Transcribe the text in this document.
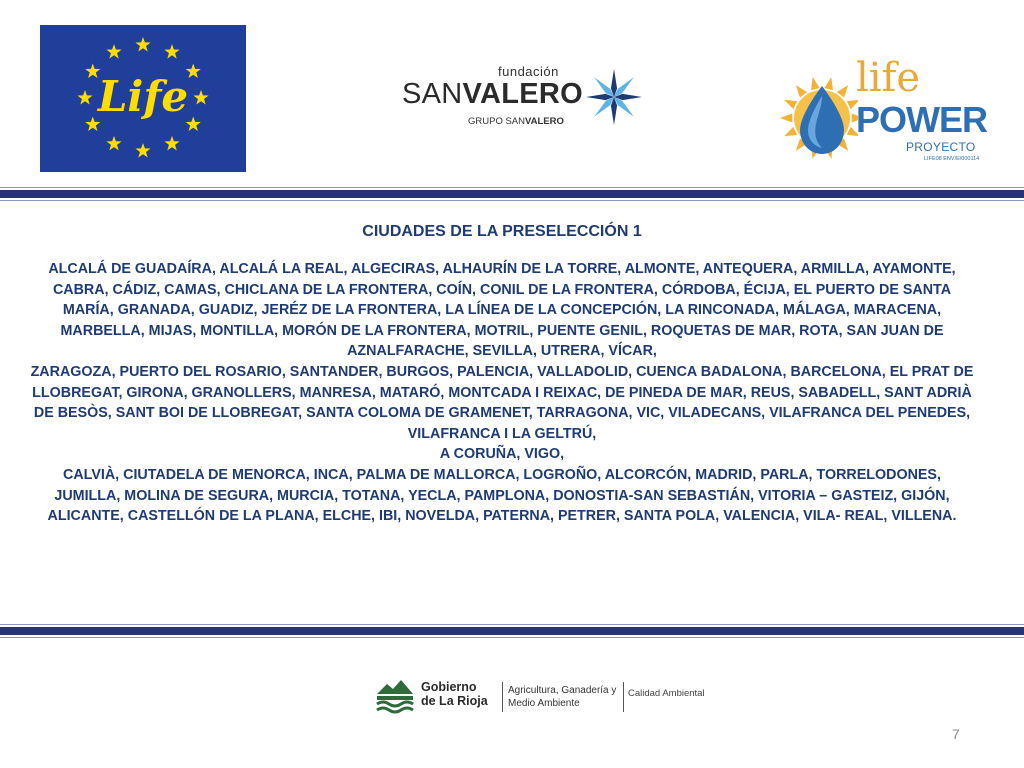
Life
fundación
SANVALERO
GRUPO SANVALERO
life
POWER
PROYECTO
LIFE08 ENV/E/000114
CIUDADES DE LA PRESELECCIÓN 1

ALCALÁ DE GUADAÍRA, ALCALÁ LA REAL, ALGECIRAS, ALHAURÍN DE LA TORRE, ALMONTE, ANTEQUERA, ARMILLA, AYAMONTE, CABRA, CÁDIZ, CAMAS, CHICLANA DE LA FRONTERA, COÍN, CONIL DE LA FRONTERA, CÓRDOBA, ÉCIJA, EL PUERTO DE SANTA MARÍA, GRANADA, GUADIZ, JERÉZ DE LA FRONTERA, LA LÍNEA DE LA CONCEPCIÓN, LA RINCONADA, MÁLAGA, MARACENA, MARBELLA, MIJAS, MONTILLA, MORÓN DE LA FRONTERA, MOTRIL, PUENTE GENIL, ROQUETAS DE MAR, ROTA, SAN JUAN DE AZNALFARACHE, SEVILLA, UTRERA, VÍCAR,

ZARAGOZA, PUERTO DEL ROSARIO, SANTANDER, BURGOS, PALENCIA, VALLADOLID, CUENCA BADALONA, BARCELONA, EL PRAT DE LLOBREGAT, GIRONA, GRANOLLERS, MANRESA, MATARÓ, MONTCADA I REIXAC, DE PINEDA DE MAR, REUS, SABADELL, SANT ADRIÀ DE BESÒS, SANT BOI DE LLOBREGAT, SANTA COLOMA DE GRAMENET, TARRAGONA, VIC, VILADECANS, VILAFRANCA DEL PENEDES, VILAFRANCA I LA GELTRÚ,

A CORUÑA, VIGO,

CALVIÀ, CIUTADELA DE MENORCA, INCA, PALMA DE MALLORCA, LOGROÑO, ALCORCÓN, MADRID, PARLA, TORRELODONES, JUMILLA, MOLINA DE SEGURA, MURCIA, TOTANA, YECLA, PAMPLONA, DONOSTIA-SAN SEBASTIÁN, VITORIA – GASTEIZ, GIJÓN,

ALICANTE, CASTELLÓN DE LA PLANA, ELCHE, IBI, NOVELDA, PATERNA, PETRER, SANTA POLA, VALENCIA, VILA- REAL, VILLENA.

Gobierno
de La Rioja
Agricultura, Ganadería y
Medio Ambiente
Calidad Ambiental
7
